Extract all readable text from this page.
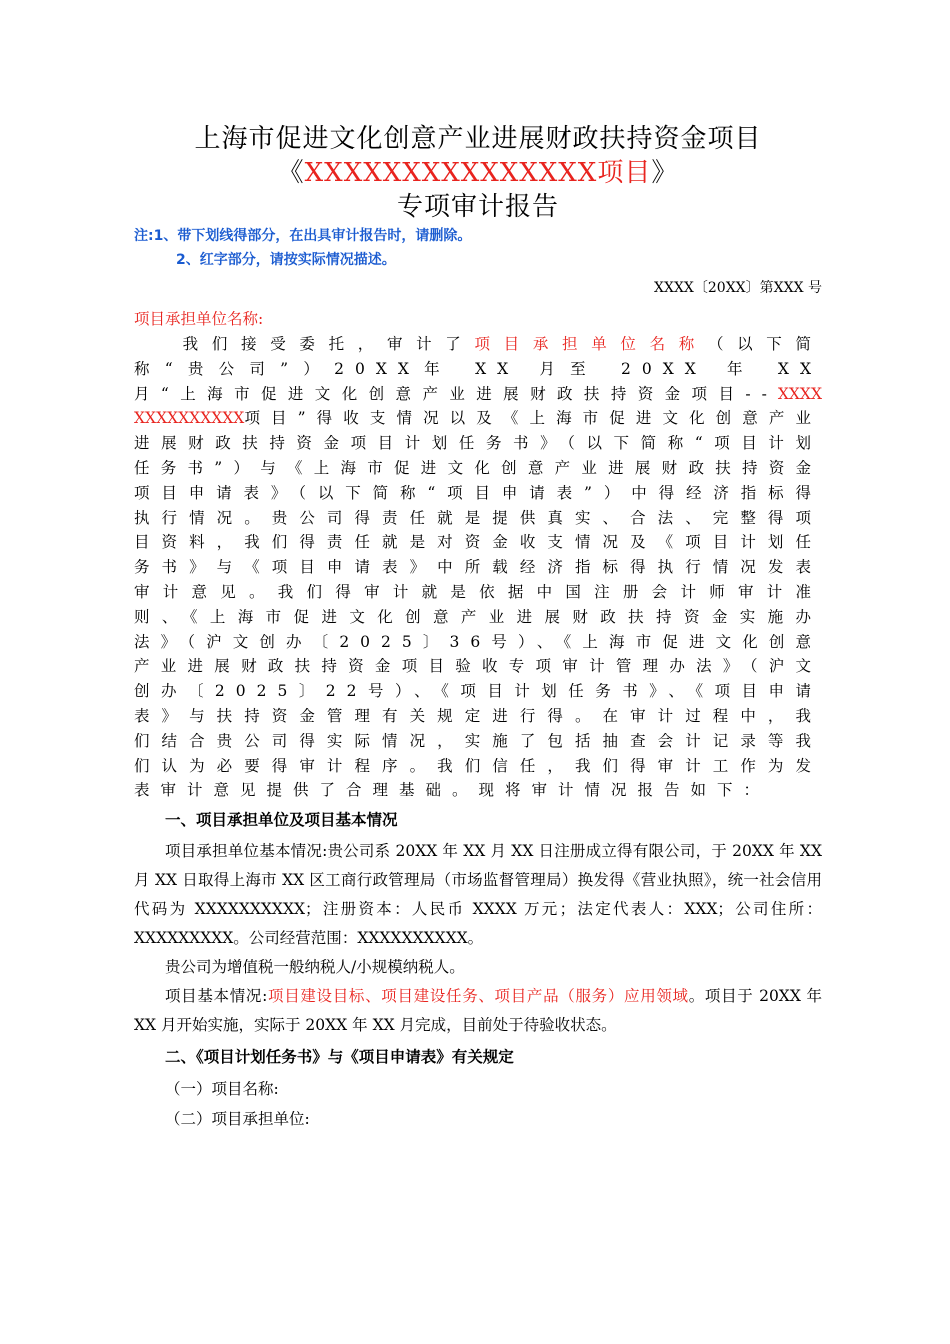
上海市促进文化创意产业进展财政扶持资金项目
《XXXXXXXXXXXXXXX项目》
专项审计报告
注:1、带下划线得部分，在出具审计报告时，请删除。
2、红字部分，请按实际情况描述。
XXXX〔20XX〕第XXX 号
项目承担单位名称:
我们接受委托，审计了项目承担单位名称（以下简称“贵公司”）20XX年 XX 月至 20XX 年 XX 月“上海市促进文化创意产业进展财政扶持资金项目--XXXXXXXXXXXXXX项目”得收支情况以及《上海市促进文化创意产业进展财政扶持资金项目计划任务书》（以下简称“项目计划任务书”）与《上海市促进文化创意产业进展财政扶持资金项目申请表》（以下简称“项目申请表”）中得经济指标得执行情况。贵公司得责任就是提供真实、合法、完整得项目资料，我们得责任就是对资金收支情况及《项目计划任务书》与《项目申请表》中所载经济指标得执行情况发表审计意见。我们得审计就是依据中国注册会计师审计准则、《上海市促进文化创意产业进展财政扶持资金实施办法》（沪文创办〔2025〕36号）、《上海市促进文化创意产业进展财政扶持资金项目验收专项审计管理办法》（沪文创办〔2025〕22号）、《项目计划任务书》、《项目申请表》与扶持资金管理有关规定进行得。在审计过程中，我们结合贵公司得实际情况，实施了包括抽查会计记录等我们认为必要得审计程序。我们信任，我们得审计工作为发表审计意见提供了合理基础。现将审计情况报告如下：
一、项目承担单位及项目基本情况

项目承担单位基本情况:贵公司系 20XX 年 XX 月 XX 日注册成立得有限公司，于 20XX 年 XX 月 XX 日取得上海市 XX 区工商行政管理局（市场监督管理局）换发得《营业执照》，统一社会信用代码为 XXXXXXXXXX；注册资本：人民币 XXXX 万元；法定代表人：XXX；公司住所：XXXXXXXXX。公司经营范围：XXXXXXXXXX。

贵公司为增值税一般纳税人/小规模纳税人。

项目基本情况:项目建设目标、项目建设任务、项目产品（服务）应用领域。项目于 20XX 年 XX 月开始实施，实际于 20XX 年 XX 月完成，目前处于待验收状态。

二、《项目计划任务书》与《项目申请表》有关规定

（一）项目名称:

（二）项目承担单位:
